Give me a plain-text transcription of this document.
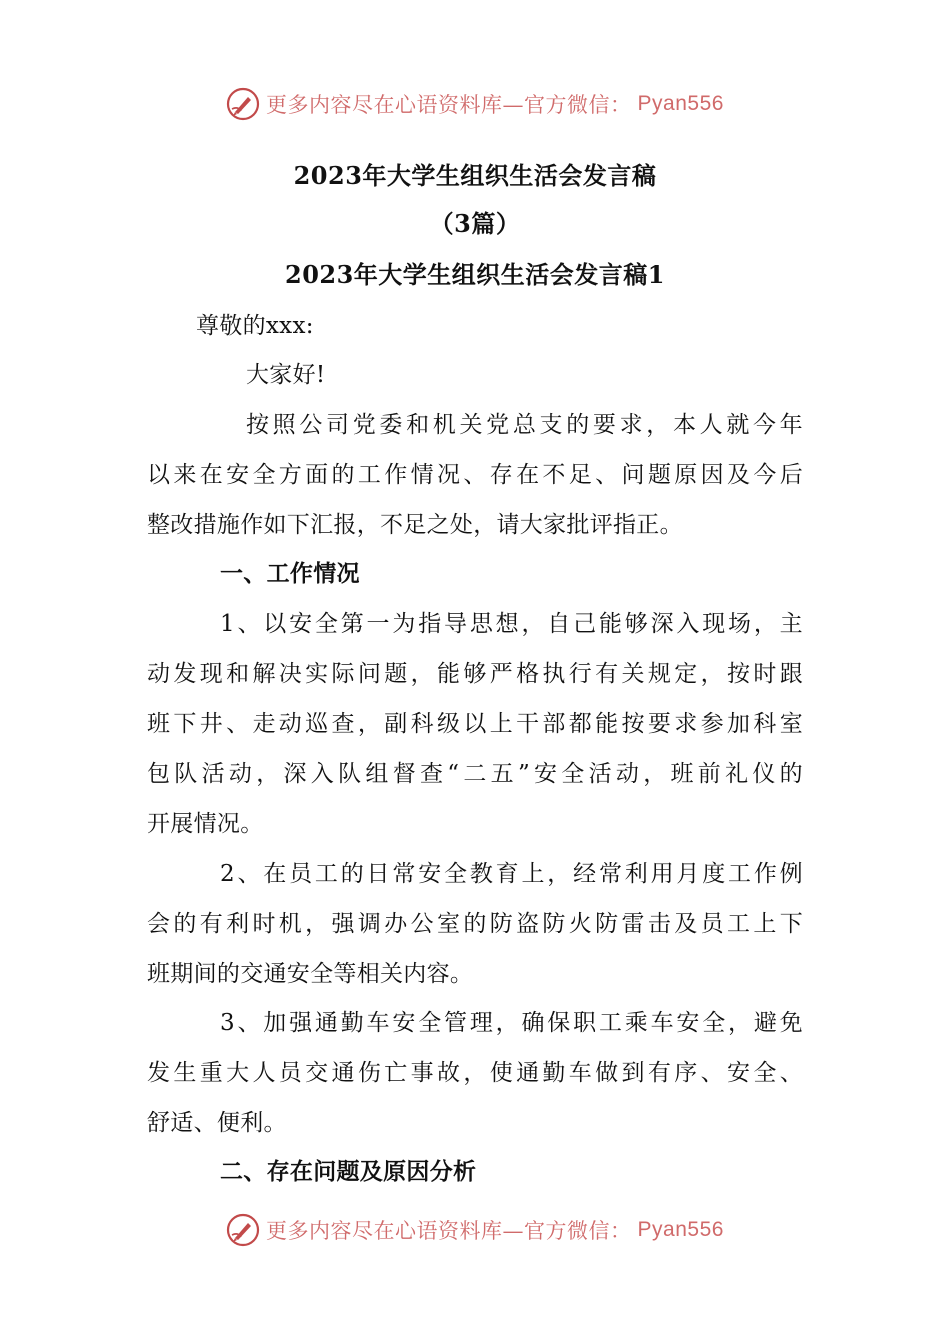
更多内容尽在心语资料库—官方微信： Pyan556
2023年大学生组织生活会发言稿
（3篇）
2023年大学生组织生活会发言稿1
尊敬的xxx:
大家好!
按照公司党委和机关党总支的要求，本人就今年
以来在安全方面的工作情况、存在不足、问题原因及今后
整改措施作如下汇报，不足之处，请大家批评指正。
一、工作情况
1、以安全第一为指导思想，自己能够深入现场，主
动发现和解决实际问题，能够严格执行有关规定，按时跟
班下井、走动巡查，副科级以上干部都能按要求参加科室
包队活动，深入队组督查“二五”安全活动，班前礼仪的
开展情况。
2、在员工的日常安全教育上，经常利用月度工作例
会的有利时机，强调办公室的防盗防火防雷击及员工上下
班期间的交通安全等相关内容。
3、加强通勤车安全管理，确保职工乘车安全，避免
发生重大人员交通伤亡事故，使通勤车做到有序、安全、
舒适、便利。
二、存在问题及原因分析
更多内容尽在心语资料库—官方微信： Pyan556
